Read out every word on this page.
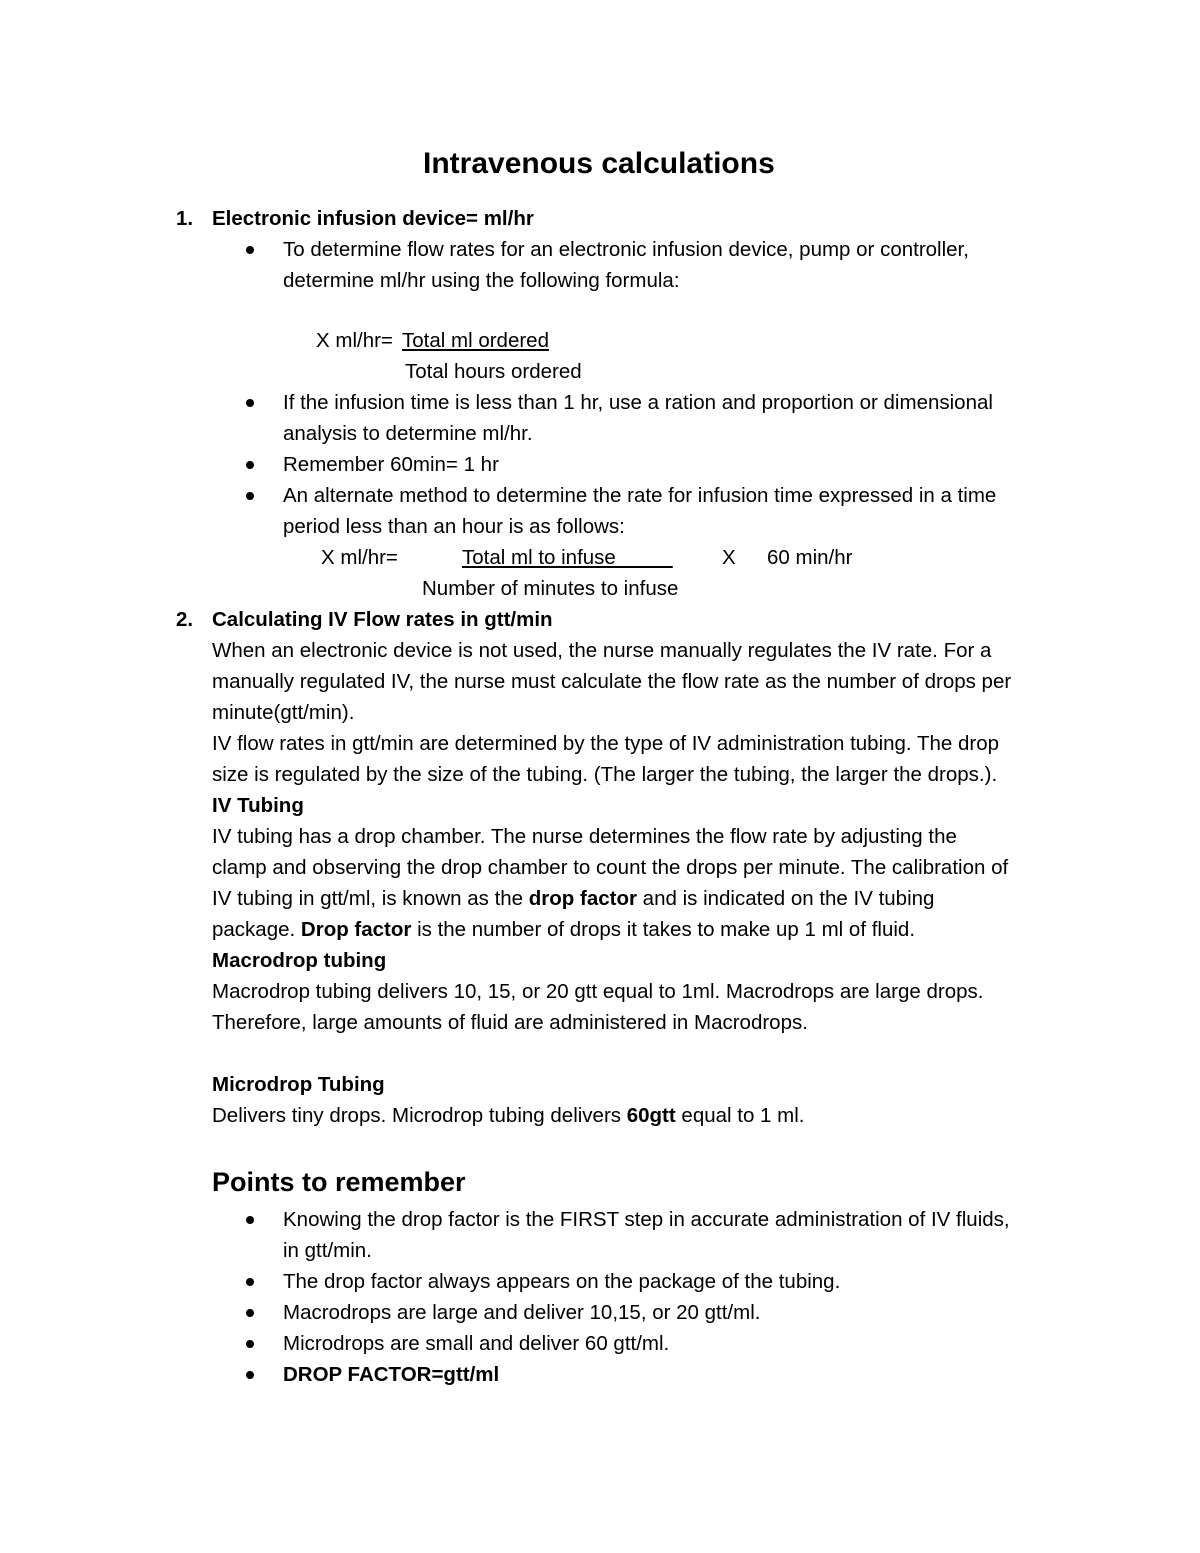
Intravenous calculations
1. Electronic infusion device= ml/hr
To determine flow rates for an electronic infusion device, pump or controller,
determine ml/hr using the following formula:
X ml/hr= Total ml ordered
Total hours ordered
If the infusion time is less than 1 hr, use a ration and proportion or dimensional
analysis to determine ml/hr.
Remember 60min= 1 hr
An alternate method to determine the rate for infusion time expressed in a time
period less than an hour is as follows:
X ml/hr=	Total ml to infuse	X 60 min/hr
Number of minutes to infuse
2. Calculating IV Flow rates in gtt/min
When an electronic device is not used, the nurse manually regulates the IV rate. For a
manually regulated IV, the nurse must calculate the flow rate as the number of drops per
minute(gtt/min).
IV flow rates in gtt/min are determined by the type of IV administration tubing. The drop
size is regulated by the size of the tubing. (The larger the tubing, the larger the drops.).
IV Tubing
IV tubing has a drop chamber. The nurse determines the flow rate by adjusting the
clamp and observing the drop chamber to count the drops per minute. The calibration of
IV tubing in gtt/ml, is known as the drop factor and is indicated on the IV tubing
package. Drop factor is the number of drops it takes to make up 1 ml of fluid.
Macrodrop tubing
Macrodrop tubing delivers 10, 15, or 20 gtt equal to 1ml. Macrodrops are large drops.
Therefore, large amounts of fluid are administered in Macrodrops.
Microdrop Tubing
Delivers tiny drops. Microdrop tubing delivers 60gtt equal to 1 ml.
Points to remember
Knowing the drop factor is the FIRST step in accurate administration of IV fluids,
in gtt/min.
The drop factor always appears on the package of the tubing.
Macrodrops are large and deliver 10,15, or 20 gtt/ml.
Microdrops are small and deliver 60 gtt/ml.
DROP FACTOR=gtt/ml
